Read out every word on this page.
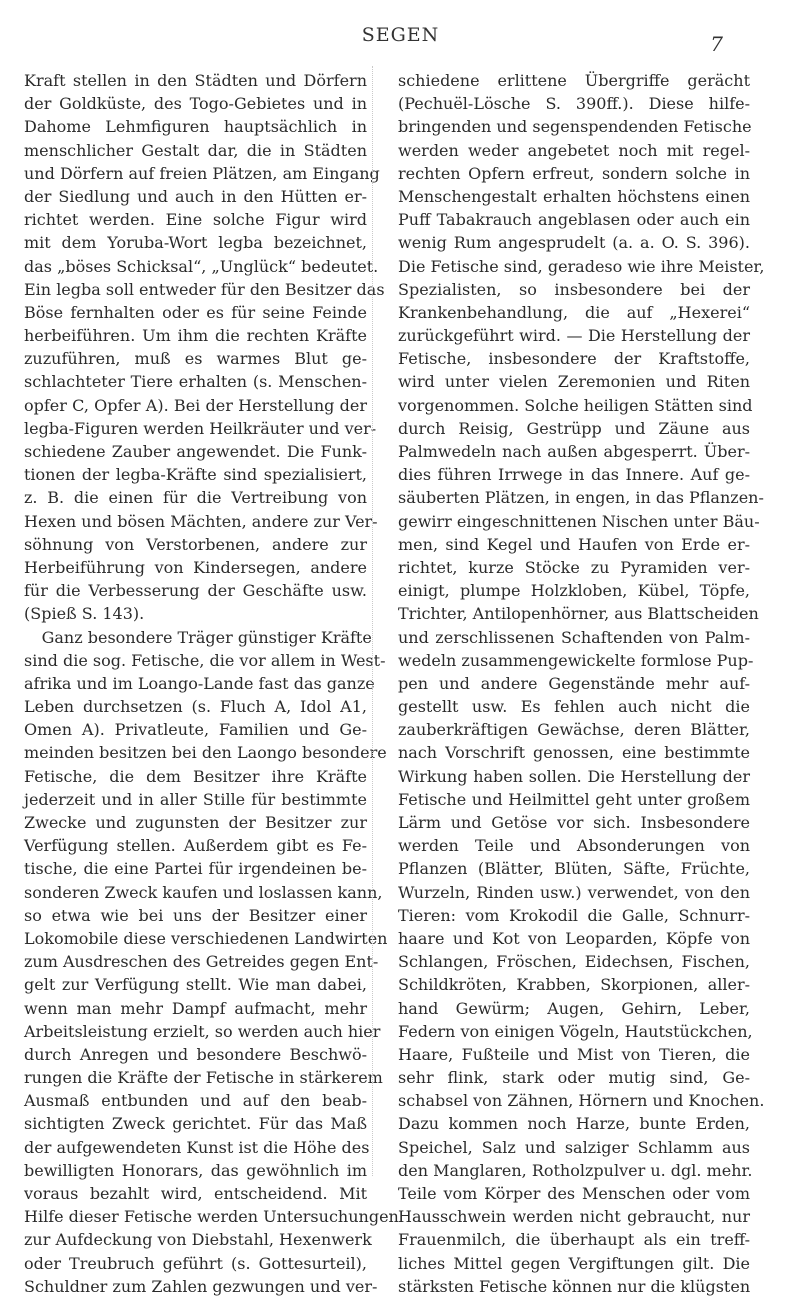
SEGEN	7
Kraft stellen in den Städten und Dörfern
der Goldküste, des Togo-Gebietes und in
Dahome Lehmfiguren hauptsächlich in
menschlicher Gestalt dar, die in Städten
und Dörfern auf freien Plätzen, am Eingang
der Siedlung und auch in den Hütten er-
richtet werden. Eine solche Figur wird
mit dem Yoruba-Wort legba bezeichnet,
das „böses Schicksal“, „Unglück“ bedeutet.
Ein legba soll entweder für den Besitzer das
Böse fernhalten oder es für seine Feinde
herbeiführen. Um ihm die rechten Kräfte
zuzuführen, muß es warmes Blut ge-
schlachteter Tiere erhalten (s. Menschen-
opfer C, Opfer A). Bei der Herstellung der
legba-Figuren werden Heilkräuter und ver-
schiedene Zauber angewendet. Die Funk-
tionen der legba-Kräfte sind spezialisiert,
z. B. die einen für die Vertreibung von
Hexen und bösen Mächten, andere zur Ver-
söhnung von Verstorbenen, andere zur
Herbeiführung von Kindersegen, andere
für die Verbesserung der Geschäfte usw.
(Spieß S. 143).
Ganz besondere Träger günstiger Kräfte
sind die sog. Fetische, die vor allem in West-
afrika und im Loango-Lande fast das ganze
Leben durchsetzen (s. Fluch A, Idol A1,
Omen A). Privatleute, Familien und Ge-
meinden besitzen bei den Laongo besondere
Fetische, die dem Besitzer ihre Kräfte
jederzeit und in aller Stille für bestimmte
Zwecke und zugunsten der Besitzer zur
Verfügung stellen. Außerdem gibt es Fe-
tische, die eine Partei für irgendeinen be-
sonderen Zweck kaufen und loslassen kann,
so etwa wie bei uns der Besitzer einer
Lokomobile diese verschiedenen Landwirten
zum Ausdreschen des Getreides gegen Ent-
gelt zur Verfügung stellt. Wie man dabei,
wenn man mehr Dampf aufmacht, mehr
Arbeitsleistung erzielt, so werden auch hier
durch Anregen und besondere Beschwö-
rungen die Kräfte der Fetische in stärkerem
Ausmaß entbunden und auf den beab-
sichtigten Zweck gerichtet. Für das Maß
der aufgewendeten Kunst ist die Höhe des
bewilligten Honorars, das gewöhnlich im
voraus bezahlt wird, entscheidend. Mit
Hilfe dieser Fetische werden Untersuchungen
zur Aufdeckung von Diebstahl, Hexenwerk
oder Treubruch geführt (s. Gottesurteil),
Schuldner zum Zahlen gezwungen und ver-
schiedene erlittene Übergriffe gerächt
(Pechuël-Lösche S. 390ff.). Diese hilfe-
bringenden und segenspendenden Fetische
werden weder angebetet noch mit regel-
rechten Opfern erfreut, sondern solche in
Menschengestalt erhalten höchstens einen
Puff Tabakrauch angeblasen oder auch ein
wenig Rum angesprudelt (a. a. O. S. 396).
Die Fetische sind, geradeso wie ihre Meister,
Spezialisten, so insbesondere bei der
Krankenbehandlung, die auf „Hexerei“
zurückgeführt wird. — Die Herstellung der
Fetische, insbesondere der Kraftstoffe,
wird unter vielen Zeremonien und Riten
vorgenommen. Solche heiligen Stätten sind
durch Reisig, Gestrüpp und Zäune aus
Palmwedeln nach außen abgesperrt. Über-
dies führen Irrwege in das Innere. Auf ge-
säuberten Plätzen, in engen, in das Pflanzen-
gewirr eingeschnittenen Nischen unter Bäu-
men, sind Kegel und Haufen von Erde er-
richtet, kurze Stöcke zu Pyramiden ver-
einigt, plumpe Holzkloben, Kübel, Töpfe,
Trichter, Antilopenhörner, aus Blattscheiden
und zerschlissenen Schaftenden von Palm-
wedeln zusammengewickelte formlose Pup-
pen und andere Gegenstände mehr auf-
gestellt usw. Es fehlen auch nicht die
zauberkräftigen Gewächse, deren Blätter,
nach Vorschrift genossen, eine bestimmte
Wirkung haben sollen. Die Herstellung der
Fetische und Heilmittel geht unter großem
Lärm und Getöse vor sich. Insbesondere
werden Teile und Absonderungen von
Pflanzen (Blätter, Blüten, Säfte, Früchte,
Wurzeln, Rinden usw.) verwendet, von den
Tieren: vom Krokodil die Galle, Schnurr-
haare und Kot von Leoparden, Köpfe von
Schlangen, Fröschen, Eidechsen, Fischen,
Schildkröten, Krabben, Skorpionen, aller-
hand Gewürm; Augen, Gehirn, Leber,
Federn von einigen Vögeln, Hautstückchen,
Haare, Fußteile und Mist von Tieren, die
sehr flink, stark oder mutig sind, Ge-
schabsel von Zähnen, Hörnern und Knochen.
Dazu kommen noch Harze, bunte Erden,
Speichel, Salz und salziger Schlamm aus
den Manglaren, Rotholzpulver u. dgl. mehr.
Teile vom Körper des Menschen oder vom
Hausschwein werden nicht gebraucht, nur
Frauenmilch, die überhaupt als ein treff-
liches Mittel gegen Vergiftungen gilt. Die
stärksten Fetische können nur die klügsten
